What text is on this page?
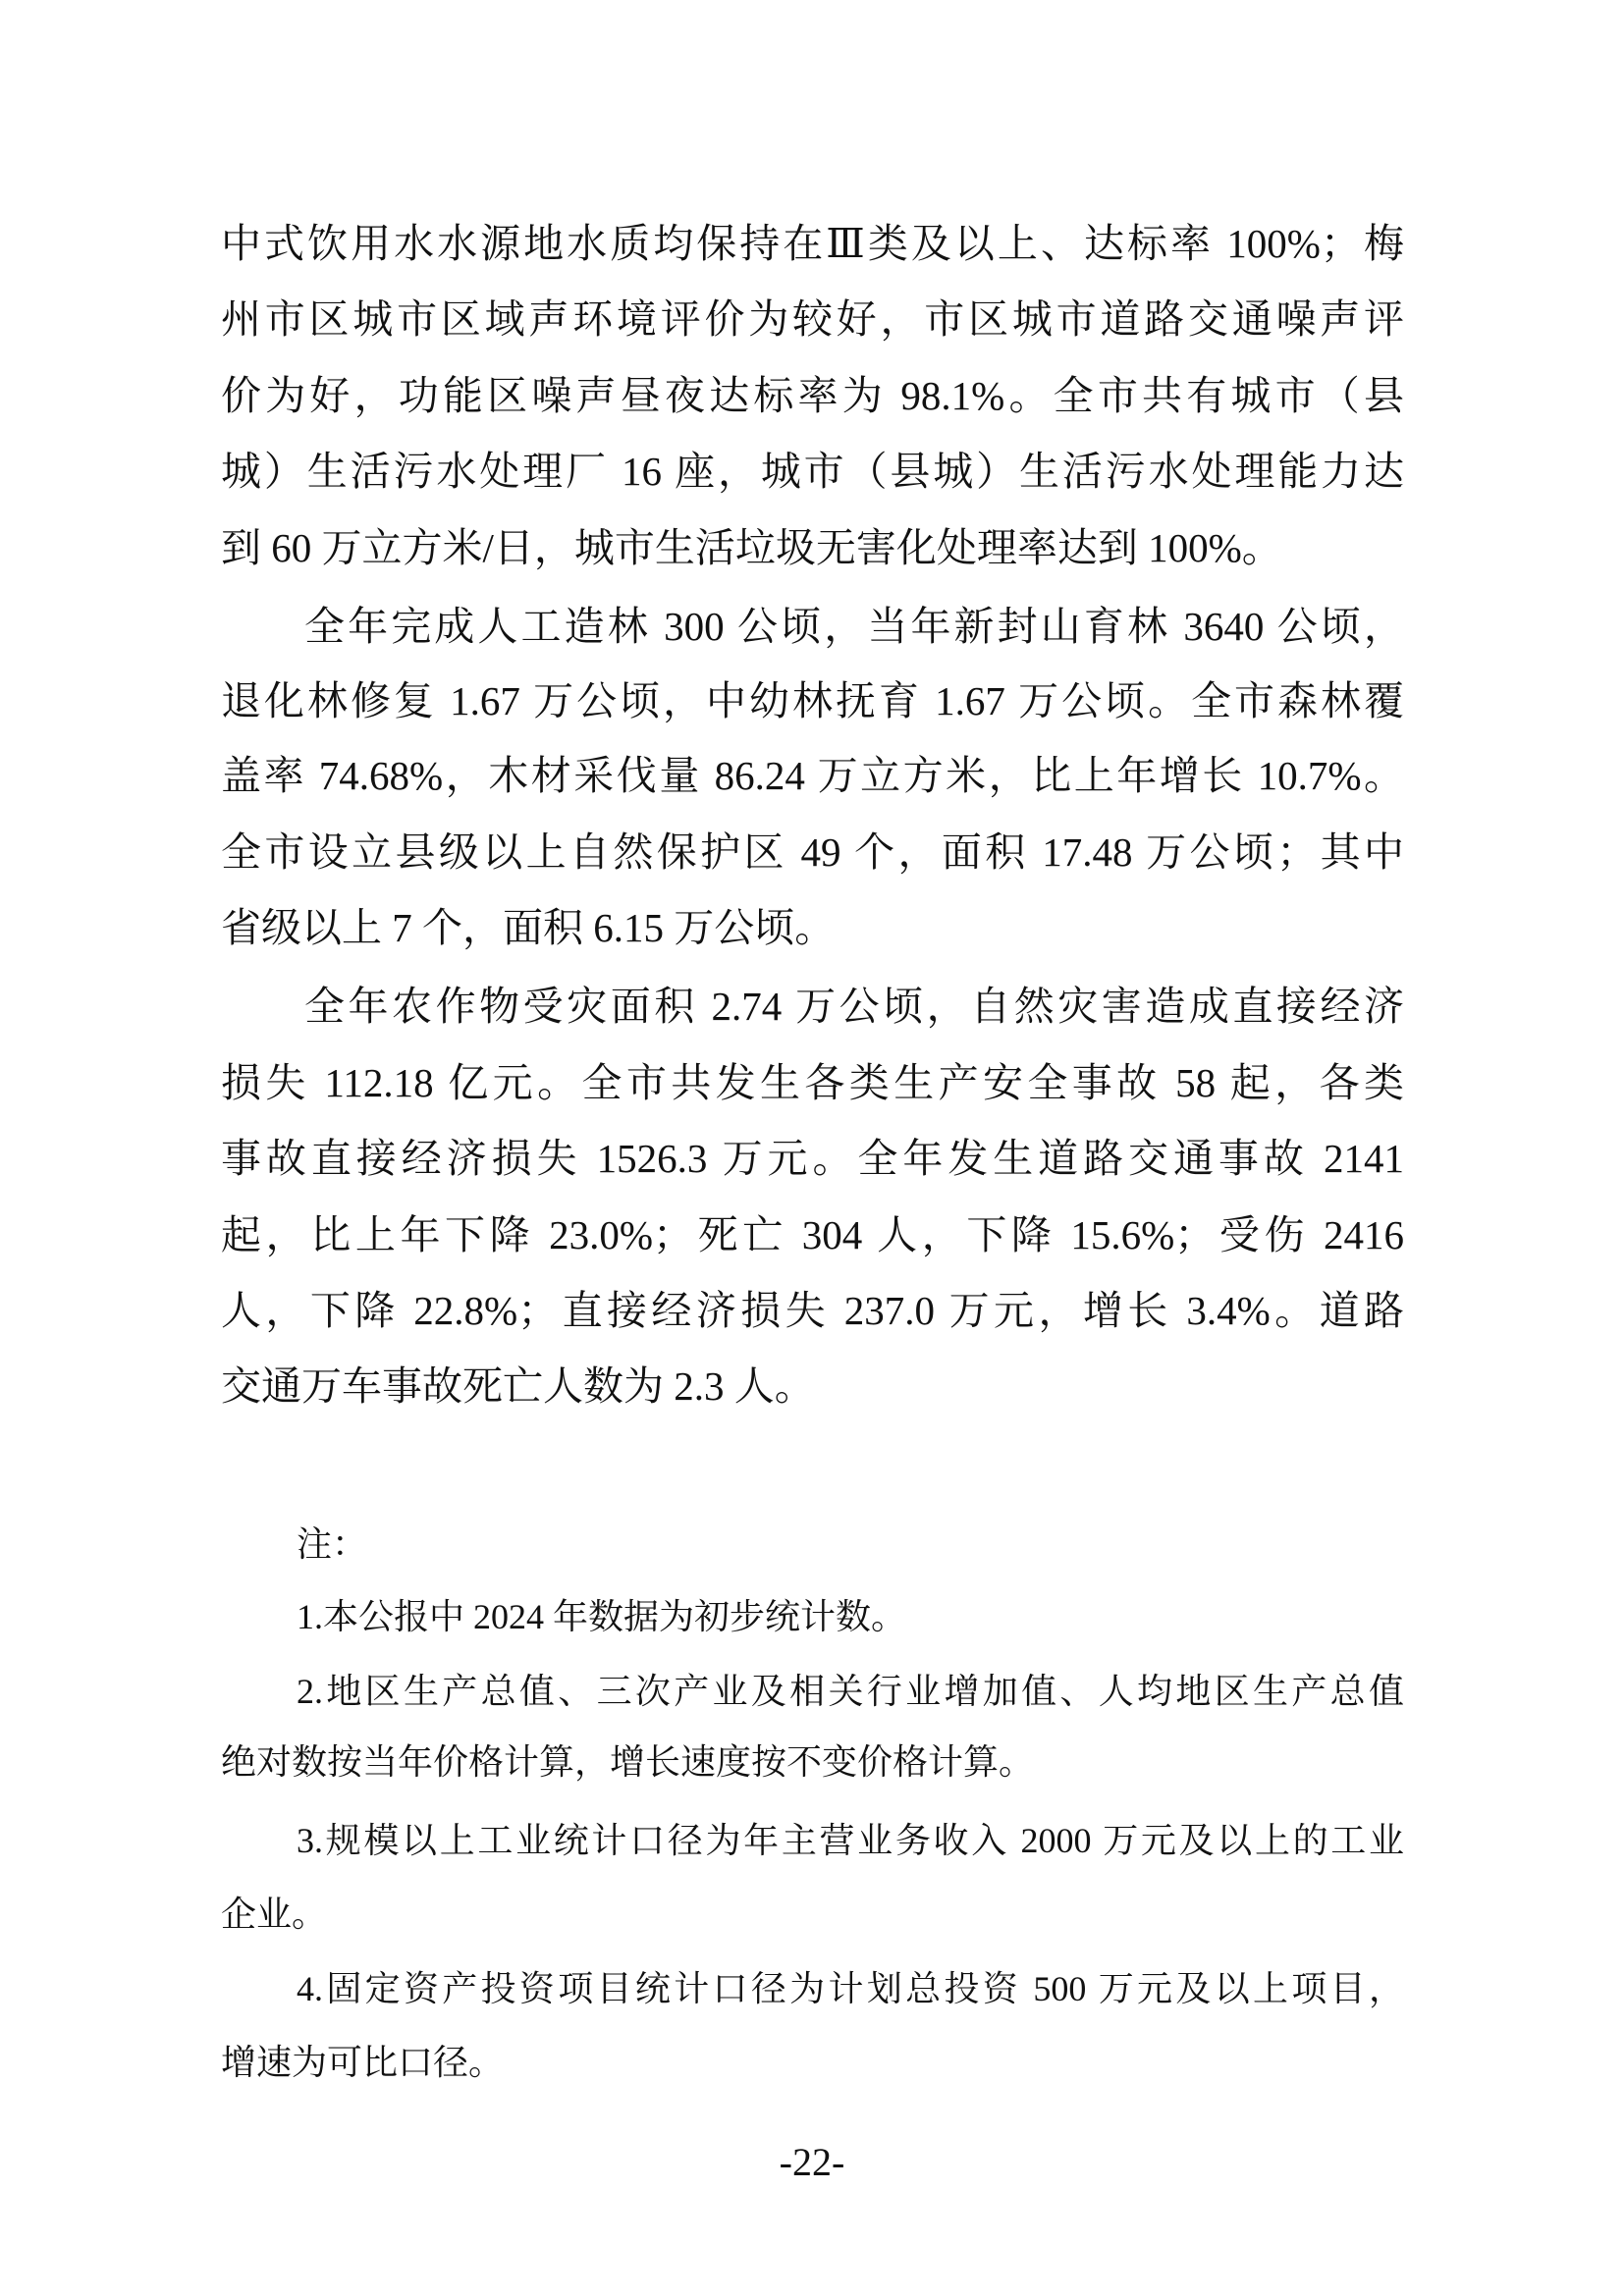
中式饮用水水源地水质均保持在Ⅲ类及以上、达标率 100%；梅
州市区城市区域声环境评价为较好，市区城市道路交通噪声评
价为好，功能区噪声昼夜达标率为 98.1%。全市共有城市（县
城）生活污水处理厂 16 座，城市（县城）生活污水处理能力达
到 60 万立方米/日，城市生活垃圾无害化处理率达到 100%。
全年完成人工造林 300 公顷，当年新封山育林 3640 公顷，
退化林修复 1.67 万公顷，中幼林抚育 1.67 万公顷。全市森林覆
盖率 74.68%，木材采伐量 86.24 万立方米，比上年增长 10.7%。
全市设立县级以上自然保护区 49 个，面积 17.48 万公顷；其中
省级以上 7 个，面积 6.15 万公顷。
全年农作物受灾面积 2.74 万公顷，自然灾害造成直接经济
损失 112.18 亿元。全市共发生各类生产安全事故 58 起，各类
事故直接经济损失 1526.3 万元。全年发生道路交通事故 2141
起，比上年下降 23.0%；死亡 304 人，下降 15.6%；受伤 2416
人，下降 22.8%；直接经济损失 237.0 万元，增长 3.4%。道路
交通万车事故死亡人数为 2.3 人。
注：
1.本公报中 2024 年数据为初步统计数。
2.地区生产总值、三次产业及相关行业增加值、人均地区生产总值
绝对数按当年价格计算，增长速度按不变价格计算。
3.规模以上工业统计口径为年主营业务收入 2000 万元及以上的工业
企业。
4.固定资产投资项目统计口径为计划总投资 500 万元及以上项目，
增速为可比口径。
-22-
